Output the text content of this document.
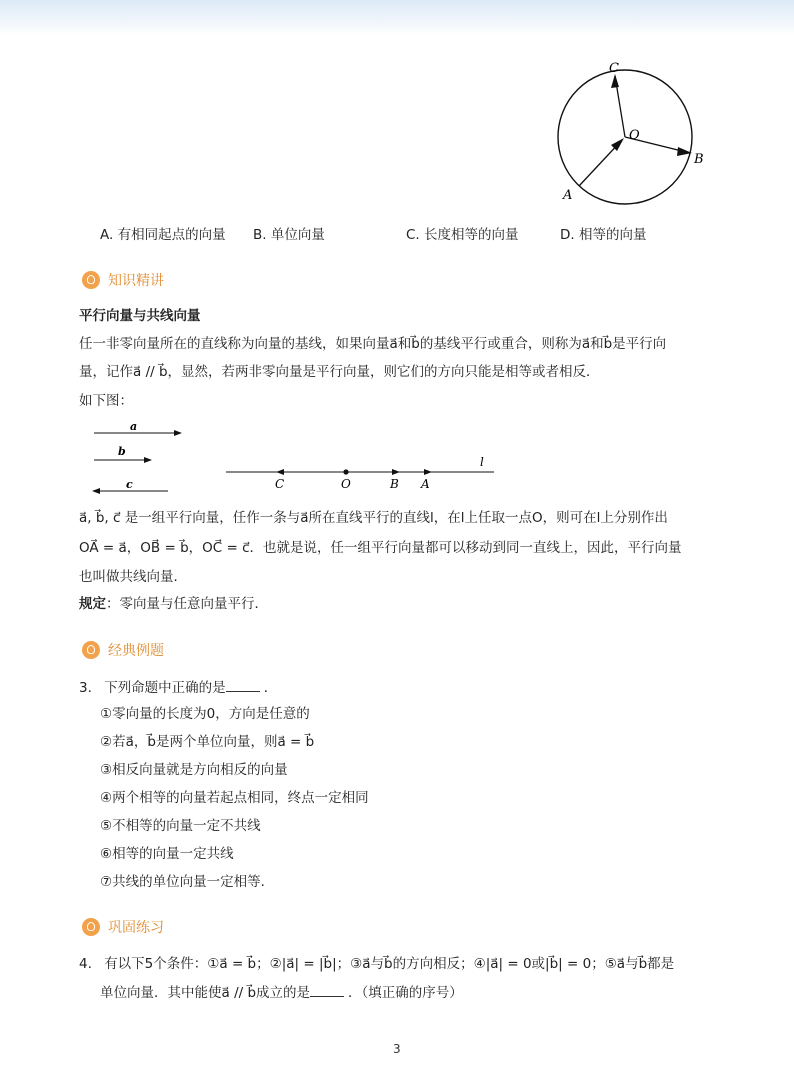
C
O
B
A
A. 有相同起点的向量 B. 单位向量	C. 长度相等的向量	D. 相等的向量
知识精讲
平行向量与共线向量
任一非零向量所在的直线称为向量的基线，如果向量a⃗和b⃗的基线平行或重合，则称为a⃗和b⃗是平行向
量，记作a⃗ // b⃗，显然，若两非零向量是平行向量，则它们的方向只能是相等或者相反．
如下图：
a
b
c
l
C	O	B A
a⃗, b⃗, c⃗ 是一组平行向量，任作一条与a⃗所在直线平行的直线l，在l上任取一点O，则可在l上分别作出
OA⃗ = a⃗，OB⃗ = b⃗，OC⃗ = c⃗．也就是说，任一组平行向量都可以移动到同一直线上，因此，平行向量
也叫做共线向量．
规定：零向量与任意向量平行．
经典例题
3. 下列命题中正确的是	．
①零向量的长度为0，方向是任意的
②若a⃗，b⃗是两个单位向量，则a⃗ = b⃗
③相反向量就是方向相反的向量
④两个相等的向量若起点相同，终点一定相同
⑤不相等的向量一定不共线
⑥相等的向量一定共线
⑦共线的单位向量一定相等．
巩固练习
4. 有以下5个条件：①a⃗ = b⃗；②|a⃗| = |b⃗|；③a⃗与b⃗的方向相反；④|a⃗| = 0或|b⃗| = 0；⑤a⃗与b⃗都是
单位向量．其中能使a⃗ // b⃗成立的是	．（填正确的序号）
3
